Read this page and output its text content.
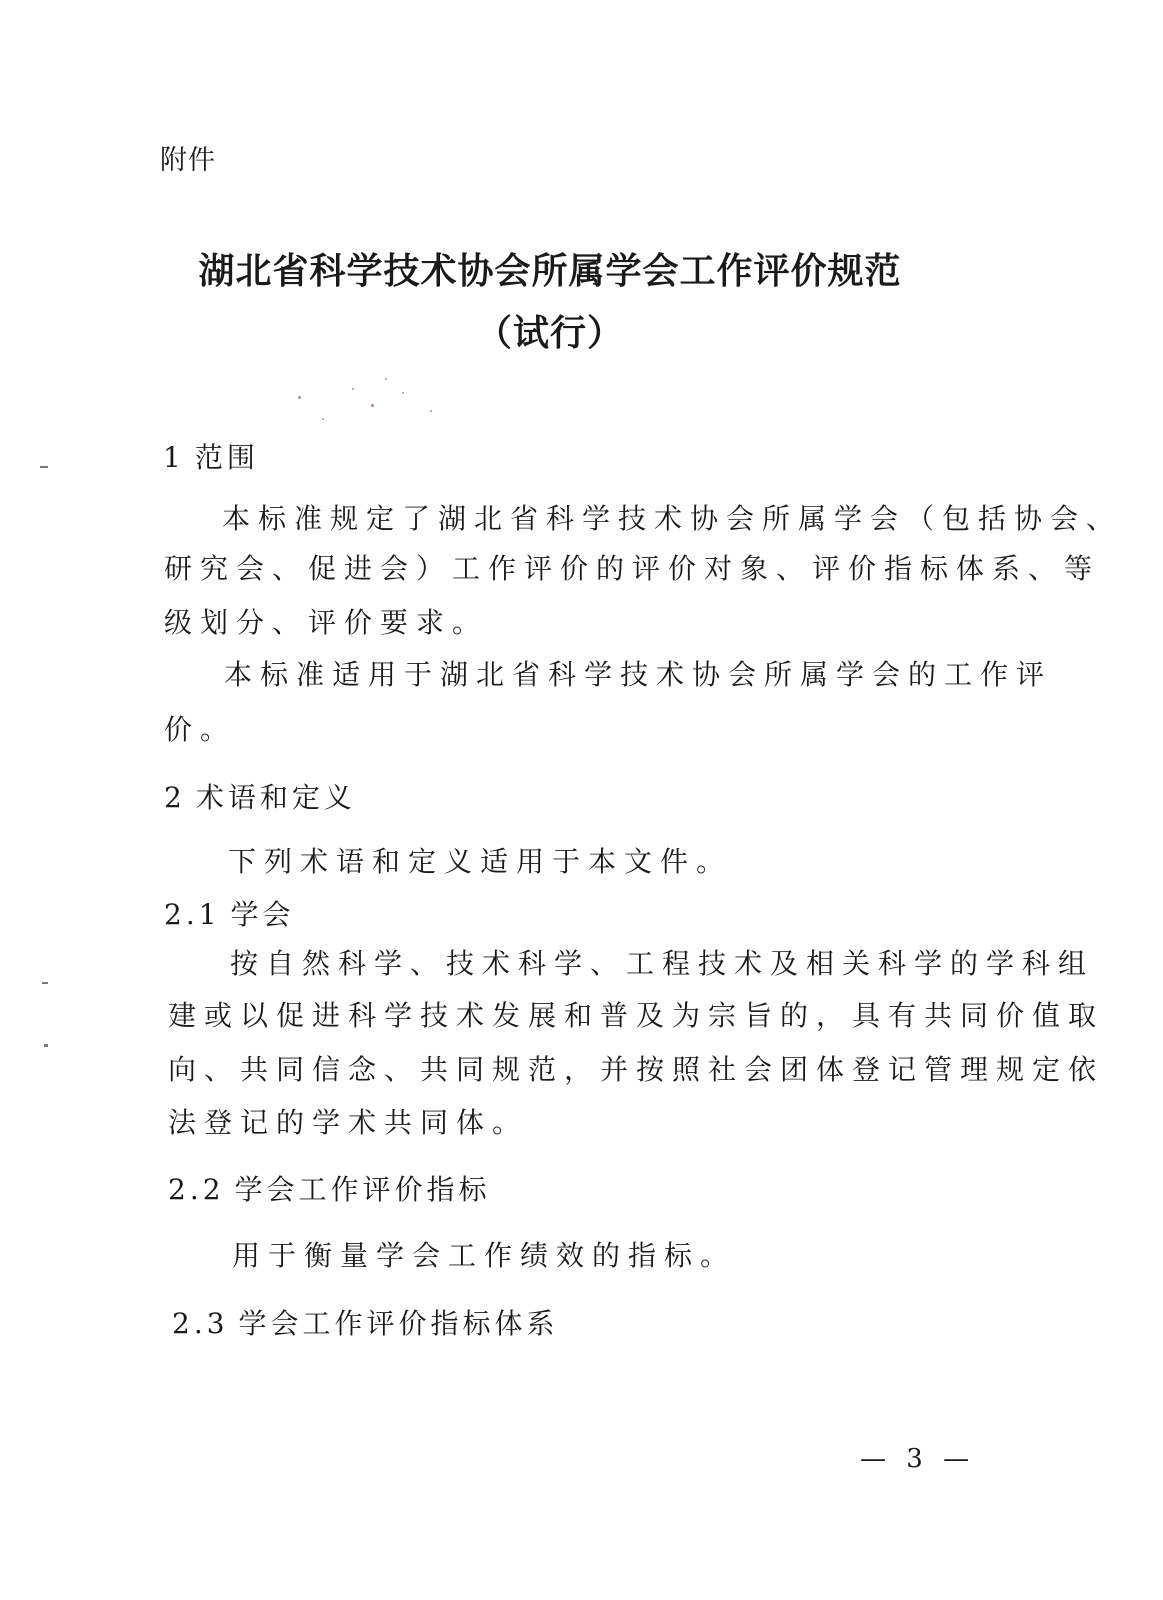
附件
湖北省科学技术协会所属学会工作评价规范
（试行）
1 范围
本标准规定了湖北省科学技术协会所属学会（包括协会、
研究会、促进会）工作评价的评价对象、评价指标体系、等
级划分、评价要求。
本标准适用于湖北省科学技术协会所属学会的工作评
价。
2 术语和定义
下列术语和定义适用于本文件。
2.1 学会
按自然科学、技术科学、工程技术及相关科学的学科组
建或以促进科学技术发展和普及为宗旨的，具有共同价值取
向、共同信念、共同规范，并按照社会团体登记管理规定依
法登记的学术共同体。
2.2 学会工作评价指标
用于衡量学会工作绩效的指标。
2.3 学会工作评价指标体系
— 3 —
